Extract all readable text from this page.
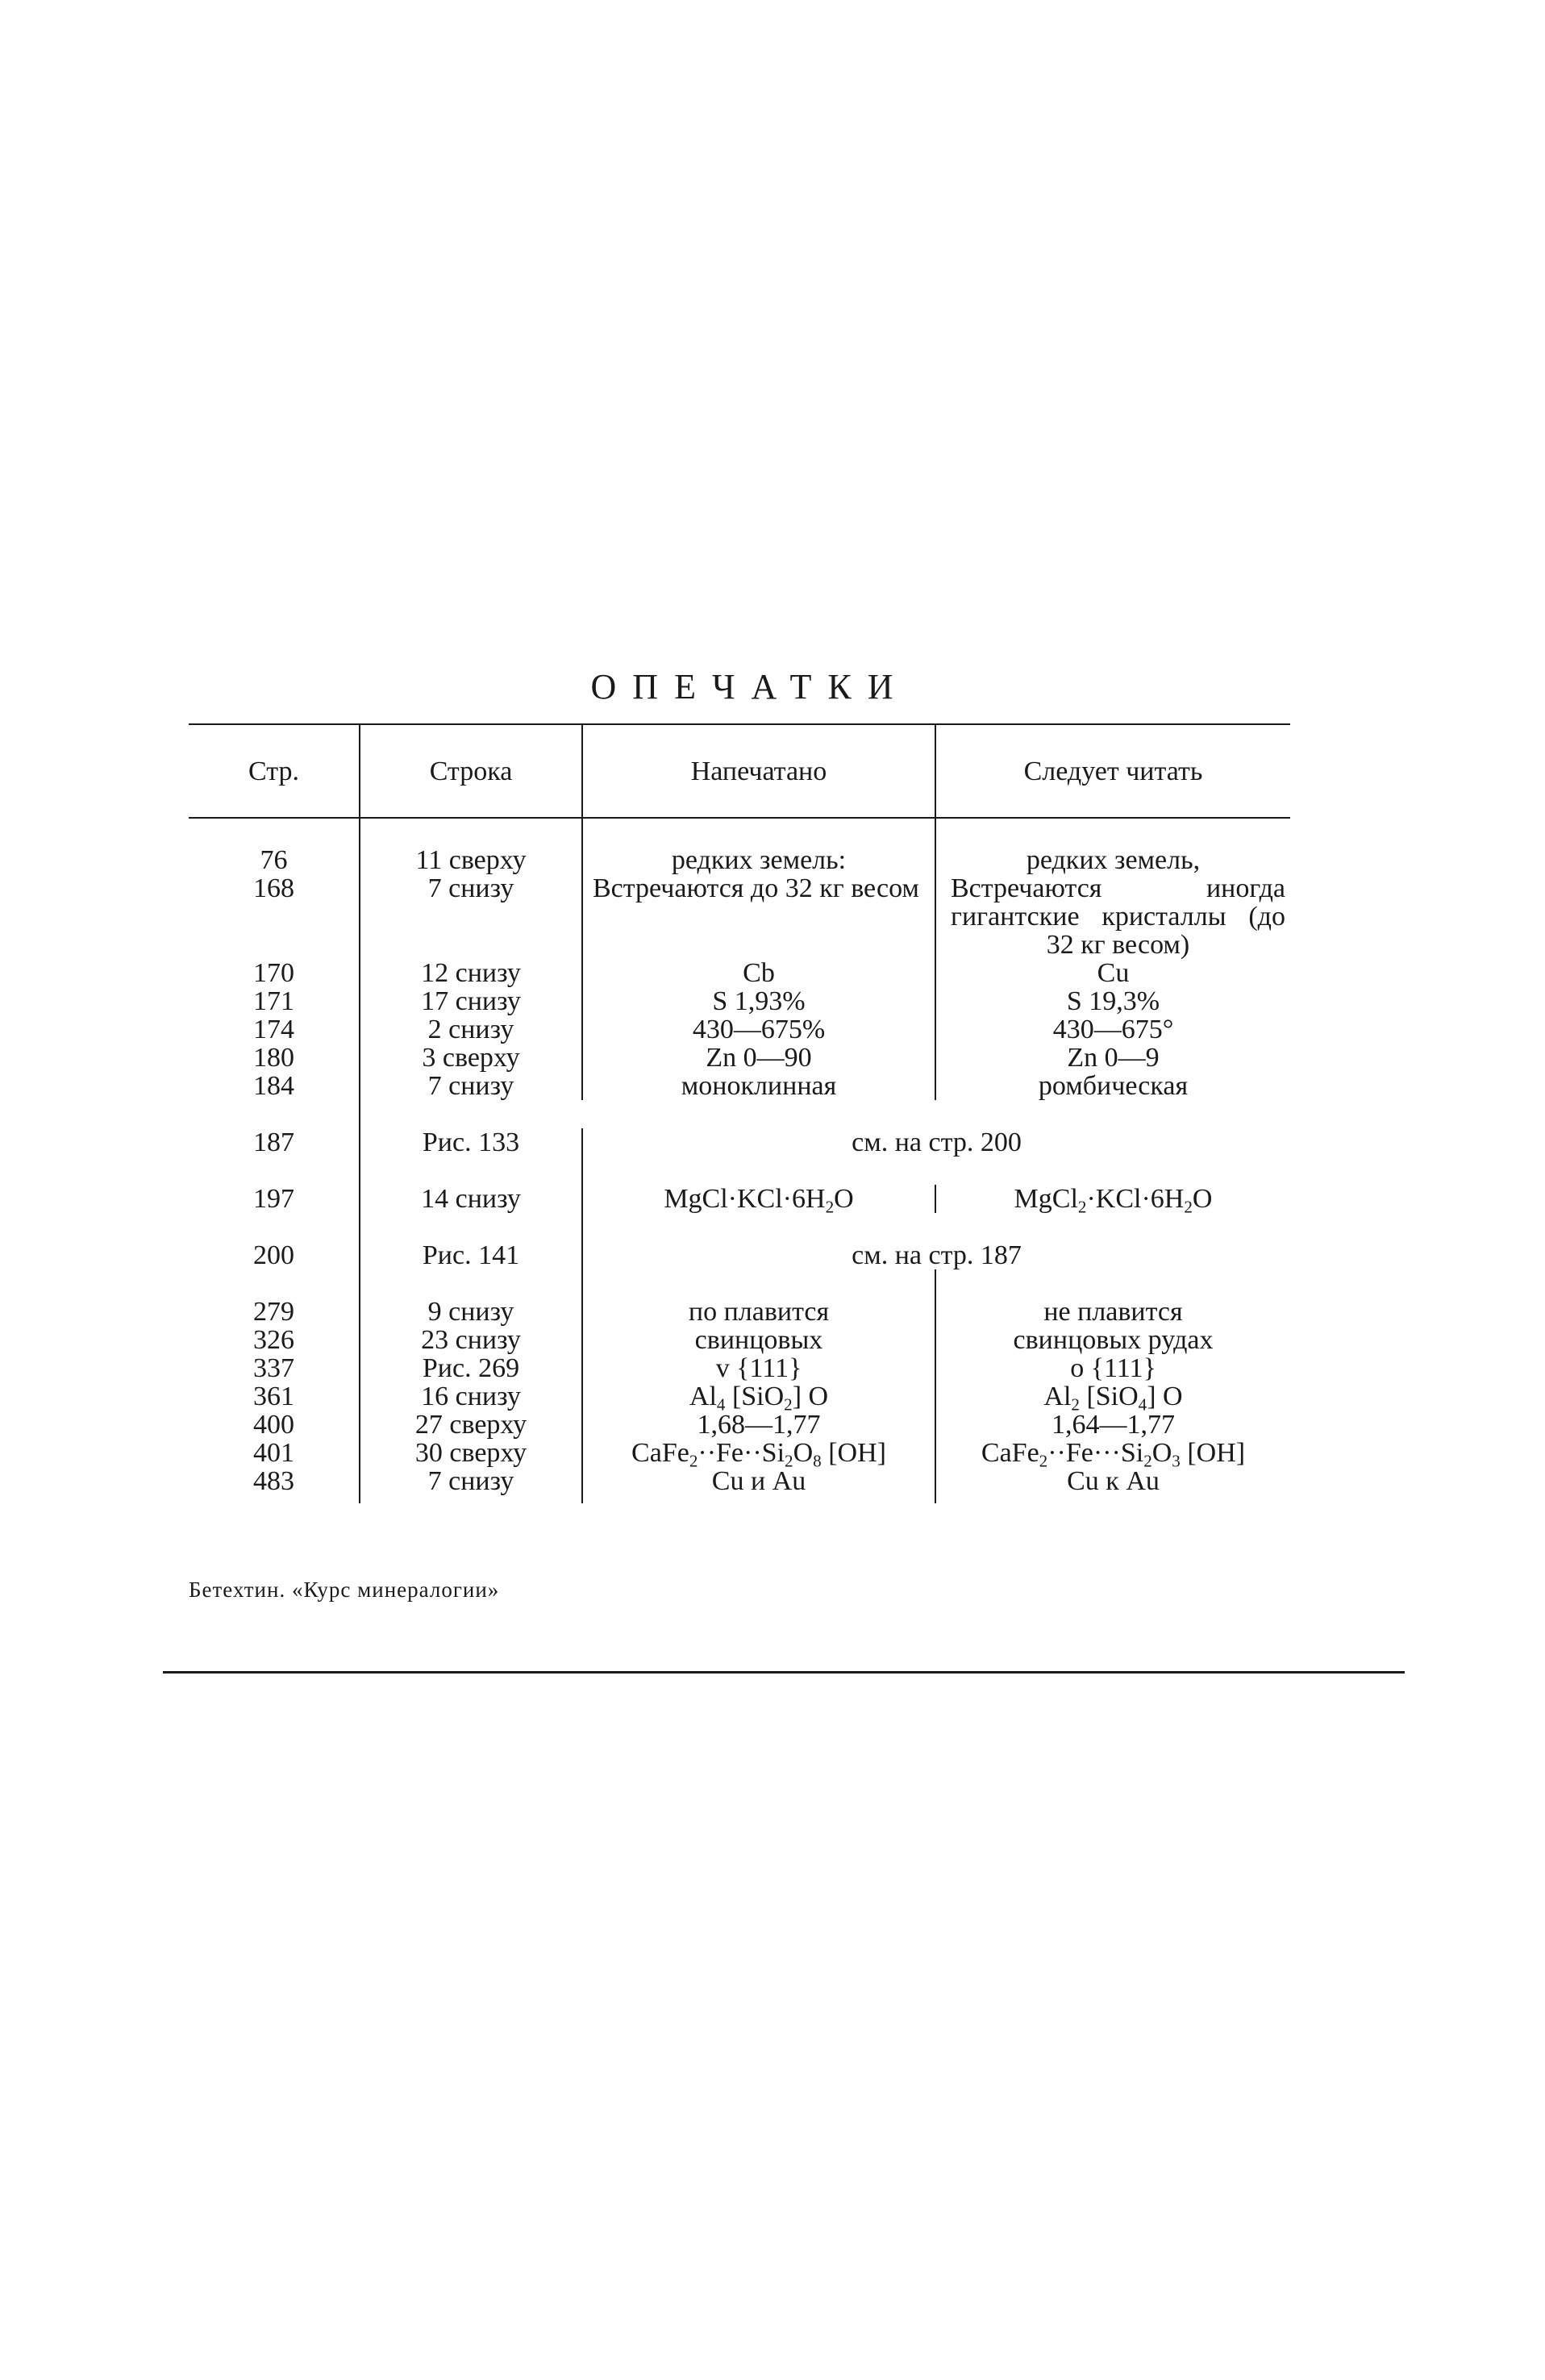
ОПЕЧАТКИ
Стр.	Строка	Напечатано	Следует читать

76	11 сверху	редких земель:	редких земель,
168	7 снизу	Встречаются до 32 кг весом	Встречаются иногда гигантские кристаллы (до 32 кг весом)
170	12 снизу	Cb	Cu
171	17 снизу	S 1,93%	S 19,3%
174	2 снизу	430—675%	430—675°
180	3 сверху	Zn 0—90	Zn 0—9
184	7 снизу	моноклинная	ромбическая

187	Рис. 133	см. на стр. 200	

197	14 снизу	$MgCl\cdot KCl\cdot 6H_2O$	$MgCl_2\cdot KCl\cdot 6H_2O$

200	Рис. 141	см. на стр. 187	

279	9 снизу	по плавится	не плавится
326	23 снизу	свинцовых	свинцовых рудах
337	Рис. 269	v {111}	o {111}
361	16 снизу	$Al_4$ [SiO$_2$] O	$Al_2$ [SiO$_4$] O
400	27 сверху	1,68—1,77	1,64—1,77
401	30 сверху	$CaFe_2\cdot\cdot Fe\cdot\cdot Si_2O_8$ [OH]	$CaFe_2\cdot\cdot Fe\cdot\cdot\cdot Si_2O_3$ [OH]
483	7 снизу	Cu и Au	Cu к Au

Бетехтин. «Курс минералогии»
